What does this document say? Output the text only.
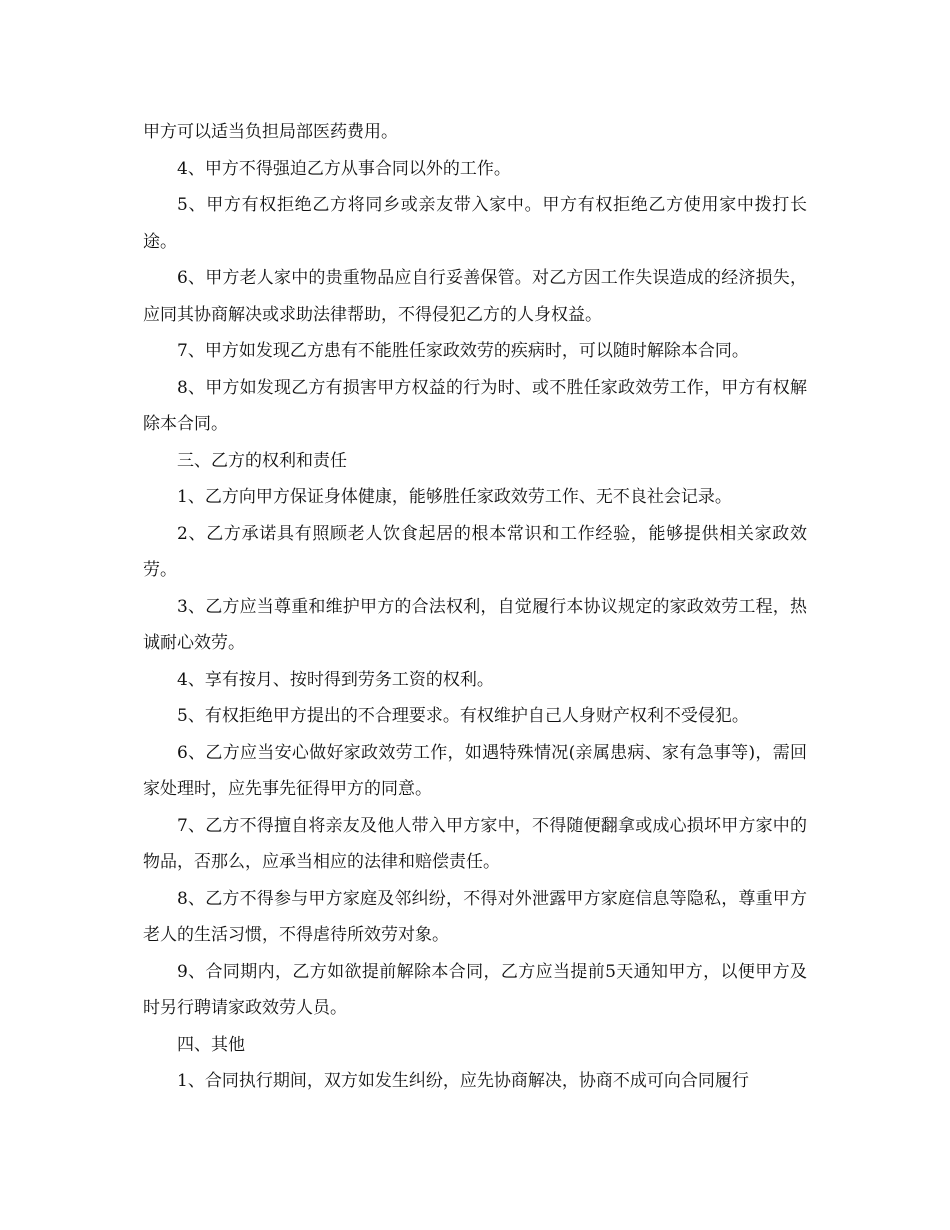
甲方可以适当负担局部医药费用。

4、甲方不得强迫乙方从事合同以外的工作。

5、甲方有权拒绝乙方将同乡或亲友带入家中。甲方有权拒绝乙方使用家中拨打长途。

6、甲方老人家中的贵重物品应自行妥善保管。对乙方因工作失误造成的经济损失，应同其协商解决或求助法律帮助，不得侵犯乙方的人身权益。

7、甲方如发现乙方患有不能胜任家政效劳的疾病时，可以随时解除本合同。

8、甲方如发现乙方有损害甲方权益的行为时、或不胜任家政效劳工作，甲方有权解除本合同。

三、乙方的权利和责任

1、乙方向甲方保证身体健康，能够胜任家政效劳工作、无不良社会记录。

2、乙方承诺具有照顾老人饮食起居的根本常识和工作经验，能够提供相关家政效劳。

3、乙方应当尊重和维护甲方的合法权利，自觉履行本协议规定的家政效劳工程，热诚耐心效劳。

4、享有按月、按时得到劳务工资的权利。

5、有权拒绝甲方提出的不合理要求。有权维护自己人身财产权利不受侵犯。

6、乙方应当安心做好家政效劳工作，如遇特殊情况(亲属患病、家有急事等)，需回家处理时，应先事先征得甲方的同意。

7、乙方不得擅自将亲友及他人带入甲方家中，不得随便翻拿或成心损坏甲方家中的物品，否那么，应承当相应的法律和赔偿责任。

8、乙方不得参与甲方家庭及邻纠纷，不得对外泄露甲方家庭信息等隐私，尊重甲方老人的生活习惯，不得虐待所效劳对象。

9、合同期内，乙方如欲提前解除本合同，乙方应当提前5天通知甲方，以便甲方及时另行聘请家政效劳人员。

四、其他

1、合同执行期间，双方如发生纠纷，应先协商解决，协商不成可向合同履行
